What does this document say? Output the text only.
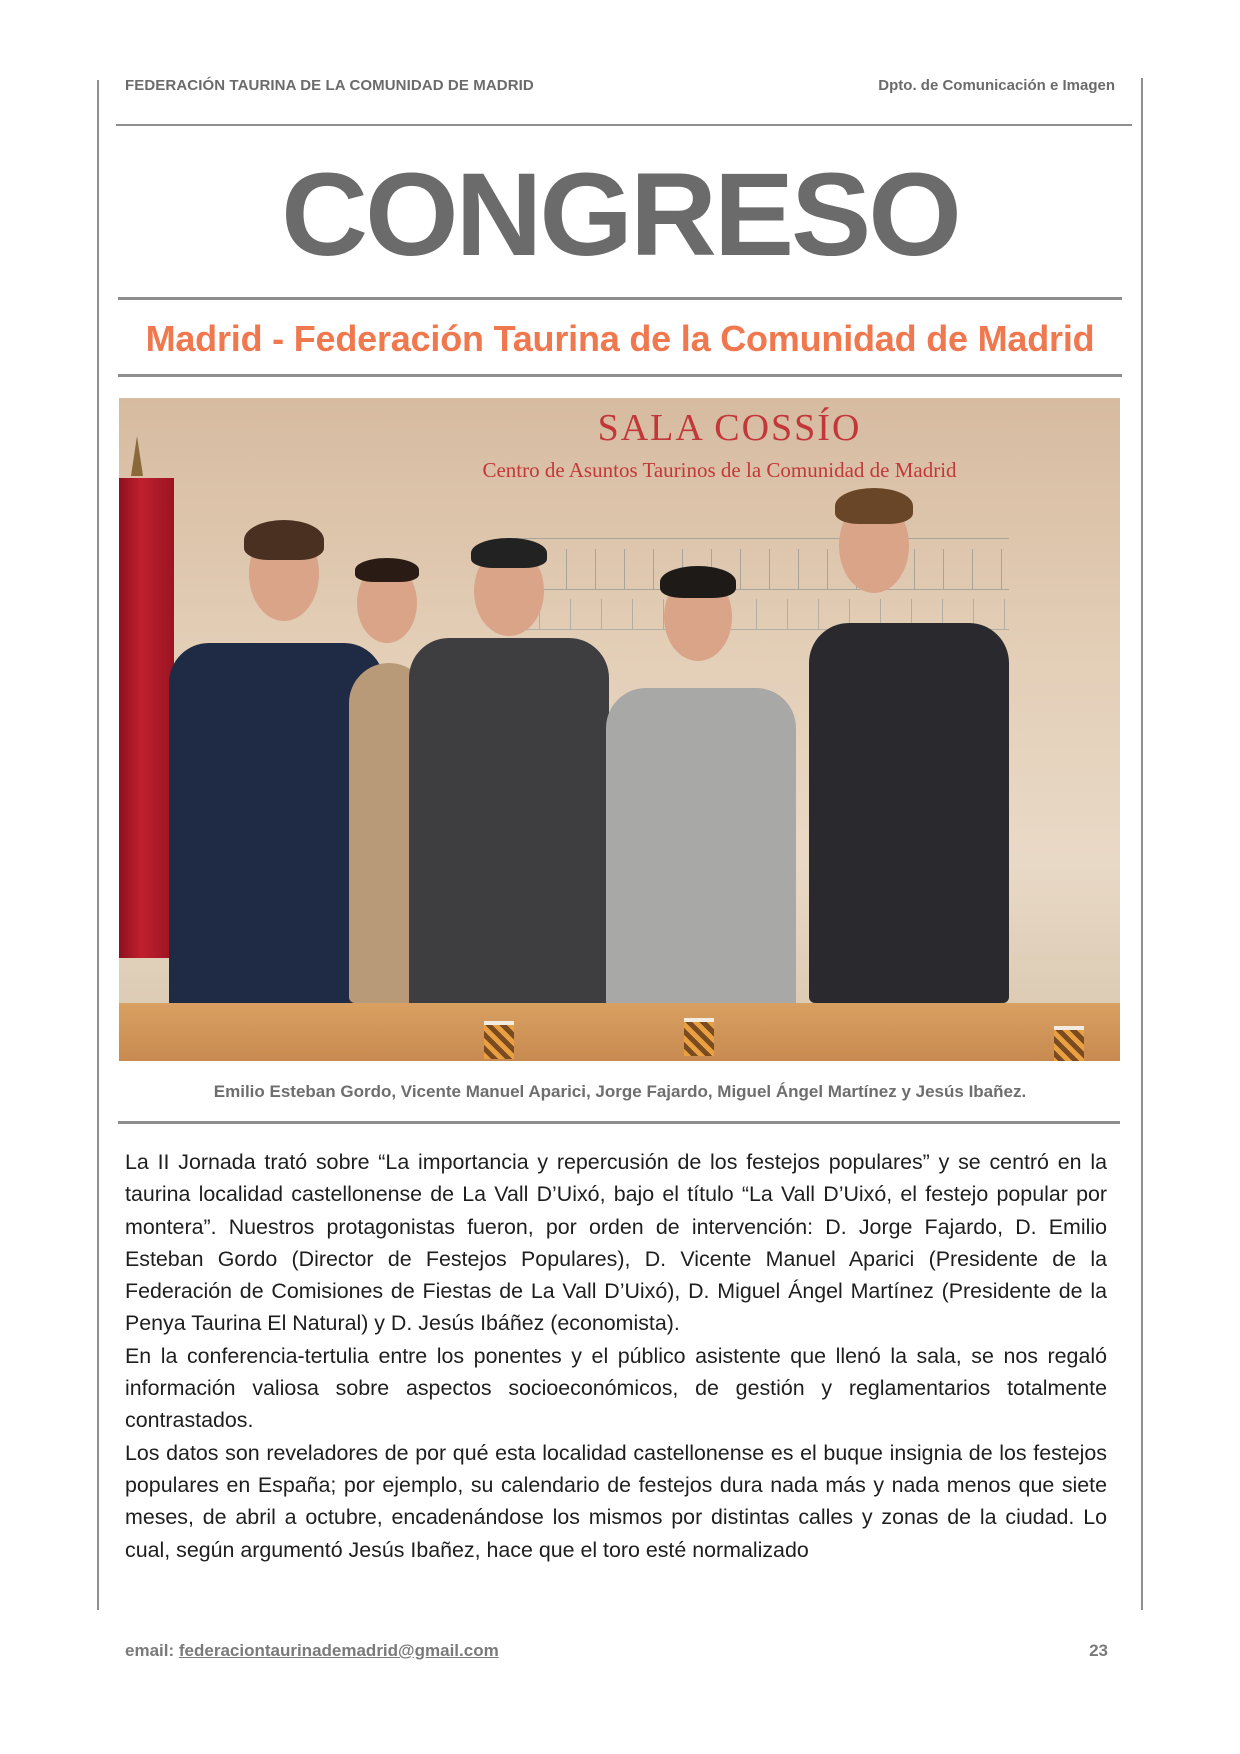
FEDERACIÓN TAURINA DE LA COMUNIDAD DE MADRID	Dpto. de Comunicación e Imagen
CONGRESO
Madrid - Federación Taurina de la Comunidad de Madrid
SALA COSSÍO
Centro de Asuntos Taurinos de la Comunidad de Madrid
Emilio Esteban Gordo, Vicente Manuel Aparici, Jorge Fajardo, Miguel Ángel Martínez y Jesús Ibañez.

La II Jornada trató sobre “La importancia y repercusión de los festejos populares” y se centró en la taurina localidad castellonense de La Vall D’Uixó, bajo el título “La Vall D’Uixó, el festejo popular por montera”. Nuestros protagonistas fueron, por orden de intervención: D. Jorge Fajardo, D. Emilio Esteban Gordo (Director de Festejos Populares), D. Vicente Manuel Aparici (Presidente de la Federación de Comisiones de Fiestas de La Vall D’Uixó), D. Miguel Ángel Martínez (Presidente de la Penya Taurina El Natural) y D. Jesús Ibáñez (economista).

En la conferencia-tertulia entre los ponentes y el público asistente que llenó la sala, se nos regaló información valiosa sobre aspectos socioeconómicos, de gestión y reglamentarios totalmente contrastados.

Los datos son reveladores de por qué esta localidad castellonense es el buque insignia de los festejos populares en España; por ejemplo, su calendario de festejos dura nada más y nada menos que siete meses, de abril a octubre, encadenándose los mismos por distintas calles y zonas de la ciudad. Lo cual, según argumentó Jesús Ibañez, hace que el toro esté normalizado

email: federaciontaurinademadrid@gmail.com	23
